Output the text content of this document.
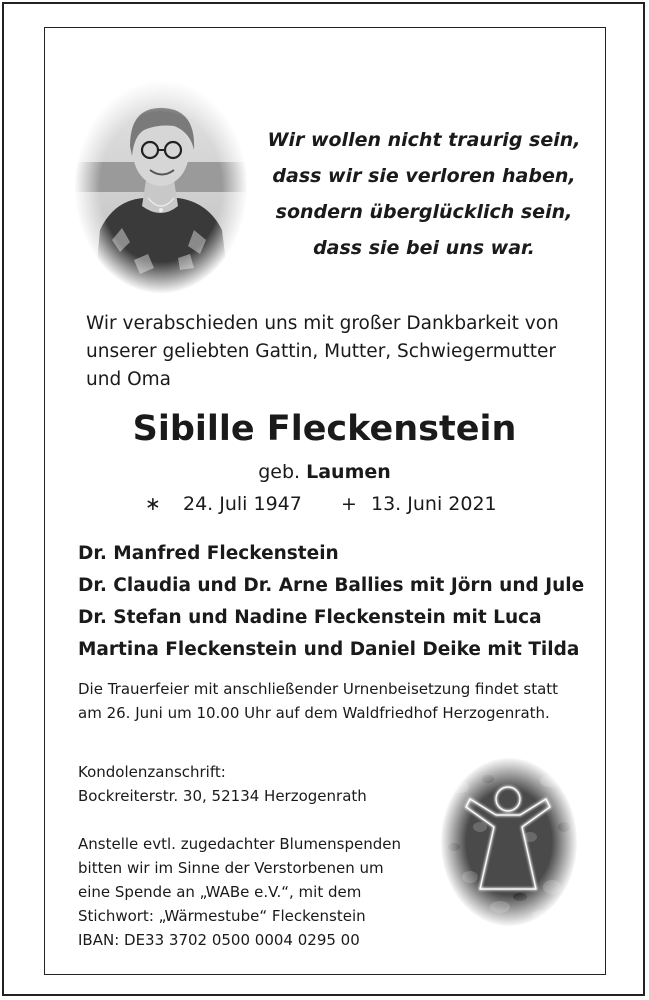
Wir wollen nicht traurig sein,
dass wir sie verloren haben,
sondern überglücklich sein,
dass sie bei uns war.
Wir verabschieden uns mit großer Dankbarkeit von
unserer geliebten Gattin, Mutter, Schwiegermutter
und Oma
Sibille Fleckenstein
geb. Laumen
∗ 24. Juli 1947 + 13. Juni 2021
Dr. Manfred Fleckenstein
Dr. Claudia und Dr. Arne Ballies mit Jörn und Jule
Dr. Stefan und Nadine Fleckenstein mit Luca
Martina Fleckenstein und Daniel Deike mit Tilda
Die Trauerfeier mit anschließender Urnenbeisetzung findet statt
am 26. Juni um 10.00 Uhr auf dem Waldfriedhof Herzogenrath.
Kondolenzanschrift:
Bockreiterstr. 30, 52134 Herzogenrath
Anstelle evtl. zugedachter Blumenspenden
bitten wir im Sinne der Verstorbenen um
eine Spende an „WABe e.V.“, mit dem
Stichwort: „Wärmestube“ Fleckenstein
IBAN: DE33 3702 0500 0004 0295 00
